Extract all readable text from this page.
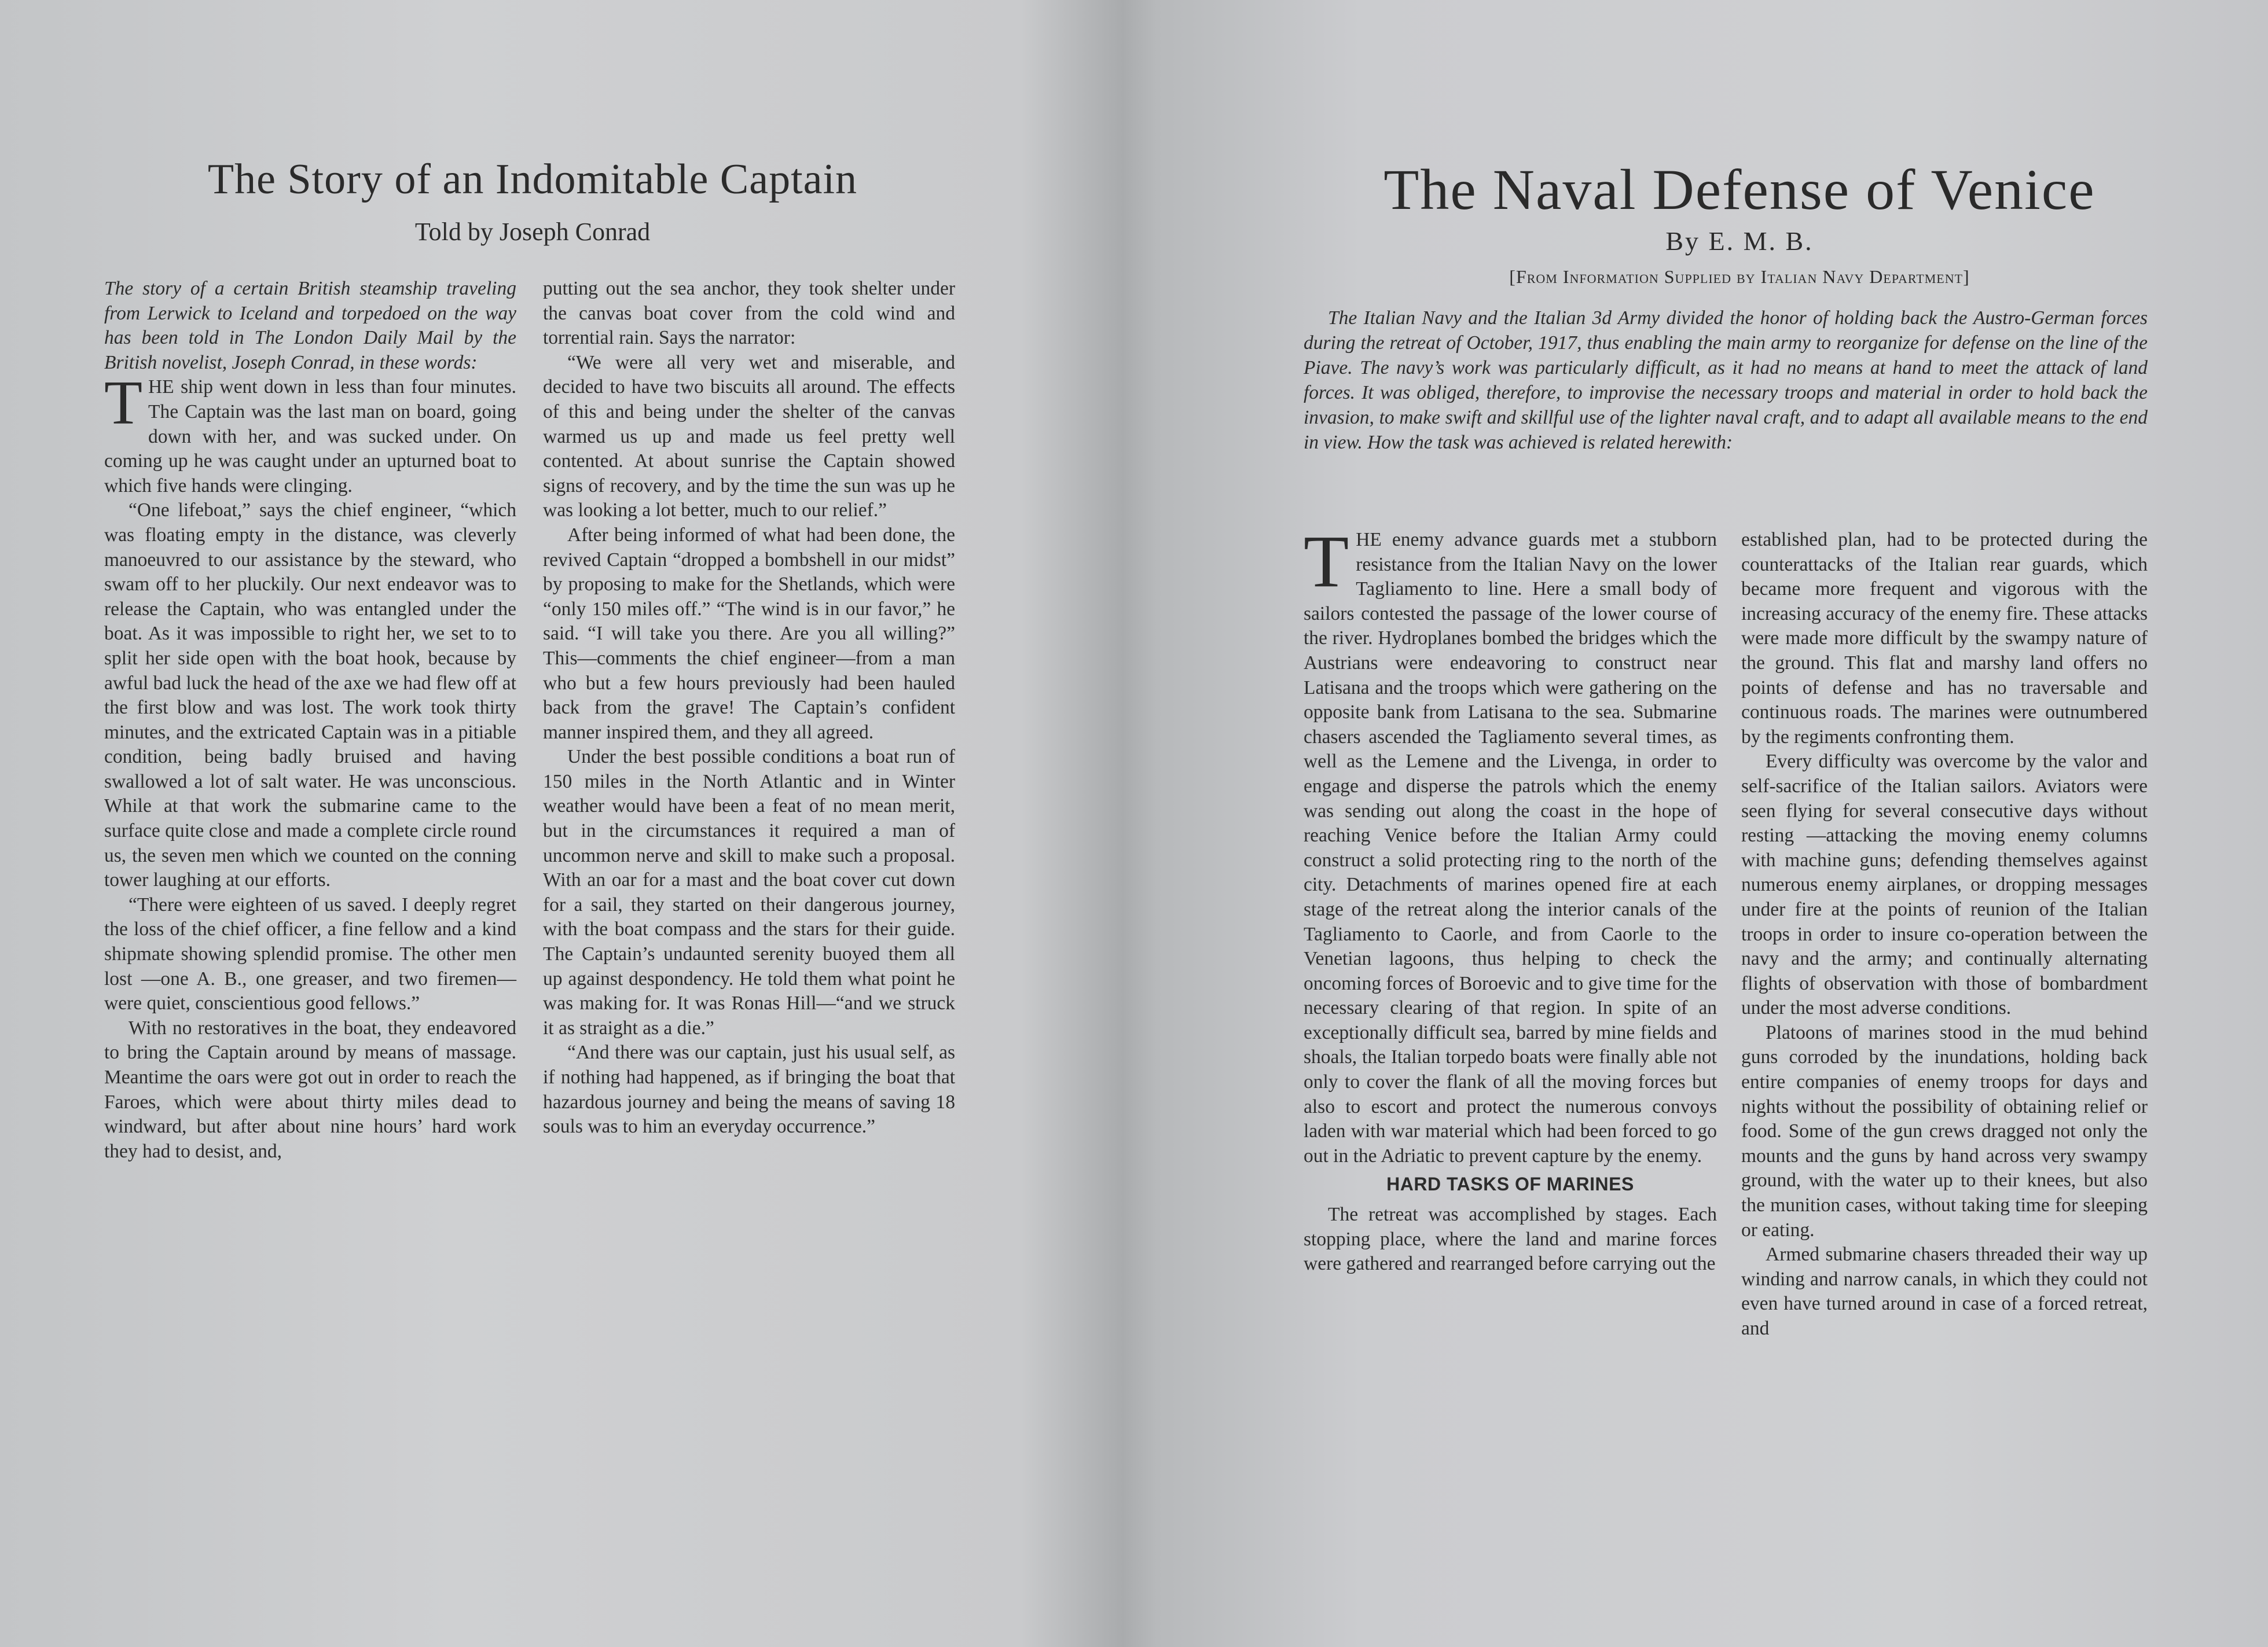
The Story of an Indomitable Captain
Told by Joseph Conrad

The story of a certain British steamship traveling from Lerwick to Iceland and torpedoed on the way has been told in The London Daily Mail by the British novelist, Joseph Conrad, in these words:

THE ship went down in less than four minutes. The Captain was the last man on board, going down with her, and was sucked under. On coming up he was caught under an upturned boat to which five hands were clinging.

“One lifeboat,” says the chief engineer, “which was floating empty in the distance, was cleverly manoeuvred to our assistance by the steward, who swam off to her pluckily. Our next endeavor was to release the Captain, who was entangled under the boat. As it was impossible to right her, we set to to split her side open with the boat hook, because by awful bad luck the head of the axe we had flew off at the first blow and was lost. The work took thirty minutes, and the extricated Captain was in a pitiable condition, being badly bruised and having swallowed a lot of salt water. He was unconscious. While at that work the submarine came to the surface quite close and made a complete circle round us, the seven men which we counted on the conning tower laughing at our efforts.

“There were eighteen of us saved. I deeply regret the loss of the chief officer, a fine fellow and a kind shipmate showing splendid promise. The other men lost —one A. B., one greaser, and two firemen—were quiet, conscientious good fellows.”

With no restoratives in the boat, they endeavored to bring the Captain around by means of massage. Meantime the oars were got out in order to reach the Faroes, which were about thirty miles dead to windward, but after about nine hours’ hard work they had to desist, and,

putting out the sea anchor, they took shelter under the canvas boat cover from the cold wind and torrential rain. Says the narrator:

“We were all very wet and miserable, and decided to have two biscuits all around. The effects of this and being under the shelter of the canvas warmed us up and made us feel pretty well contented. At about sunrise the Captain showed signs of recovery, and by the time the sun was up he was looking a lot better, much to our relief.”

After being informed of what had been done, the revived Captain “dropped a bombshell in our midst” by proposing to make for the Shetlands, which were “only 150 miles off.” “The wind is in our favor,” he said. “I will take you there. Are you all willing?” This—comments the chief engineer—from a man who but a few hours previously had been hauled back from the grave! The Captain’s confident manner inspired them, and they all agreed.

Under the best possible conditions a boat run of 150 miles in the North Atlantic and in Winter weather would have been a feat of no mean merit, but in the circumstances it required a man of uncommon nerve and skill to make such a proposal. With an oar for a mast and the boat cover cut down for a sail, they started on their dangerous journey, with the boat compass and the stars for their guide. The Captain’s undaunted serenity buoyed them all up against despondency. He told them what point he was making for. It was Ronas Hill—“and we struck it as straight as a die.”

“And there was our captain, just his usual self, as if nothing had happened, as if bringing the boat that hazardous journey and being the means of saving 18 souls was to him an everyday occurrence.”

The Naval Defense of Venice
By E. M. B.
[From Information Supplied by Italian Navy Department]

The Italian Navy and the Italian 3d Army divided the honor of holding back the Austro-German forces during the retreat of October, 1917, thus enabling the main army to reorganize for defense on the line of the Piave. The navy’s work was particularly difficult, as it had no means at hand to meet the attack of land forces. It was obliged, therefore, to improvise the necessary troops and material in order to hold back the invasion, to make swift and skillful use of the lighter naval craft, and to adapt all available means to the end in view. How the task was achieved is related herewith:

THE enemy advance guards met a stubborn resistance from the Italian Navy on the lower Tagliamento to line. Here a small body of sailors contested the passage of the lower course of the river. Hydroplanes bombed the bridges which the Austrians were endeavoring to construct near Latisana and the troops which were gathering on the opposite bank from Latisana to the sea. Submarine chasers ascended the Tagliamento several times, as well as the Lemene and the Livenga, in order to engage and disperse the patrols which the enemy was sending out along the coast in the hope of reaching Venice before the Italian Army could construct a solid protecting ring to the north of the city. Detachments of marines opened fire at each stage of the retreat along the interior canals of the Tagliamento to Caorle, and from Caorle to the Venetian lagoons, thus helping to check the oncoming forces of Boroevic and to give time for the necessary clearing of that region. In spite of an exceptionally difficult sea, barred by mine fields and shoals, the Italian torpedo boats were finally able not only to cover the flank of all the moving forces but also to escort and protect the numerous convoys laden with war material which had been forced to go out in the Adriatic to prevent capture by the enemy.

HARD TASKS OF MARINES

The retreat was accomplished by stages. Each stopping place, where the land and marine forces were gathered and rearranged before carrying out the

established plan, had to be protected during the counterattacks of the Italian rear guards, which became more frequent and vigorous with the increasing accuracy of the enemy fire. These attacks were made more difficult by the swampy nature of the ground. This flat and marshy land offers no points of defense and has no traversable and continuous roads. The marines were outnumbered by the regiments confronting them.

Every difficulty was overcome by the valor and self-sacrifice of the Italian sailors. Aviators were seen flying for several consecutive days without resting —attacking the moving enemy columns with machine guns; defending themselves against numerous enemy airplanes, or dropping messages under fire at the points of reunion of the Italian troops in order to insure co-operation between the navy and the army; and continually alternating flights of observation with those of bombardment under the most adverse conditions.

Platoons of marines stood in the mud behind guns corroded by the inundations, holding back entire companies of enemy troops for days and nights without the possibility of obtaining relief or food. Some of the gun crews dragged not only the mounts and the guns by hand across very swampy ground, with the water up to their knees, but also the munition cases, without taking time for sleeping or eating.

Armed submarine chasers threaded their way up winding and narrow canals, in which they could not even have turned around in case of a forced retreat, and
